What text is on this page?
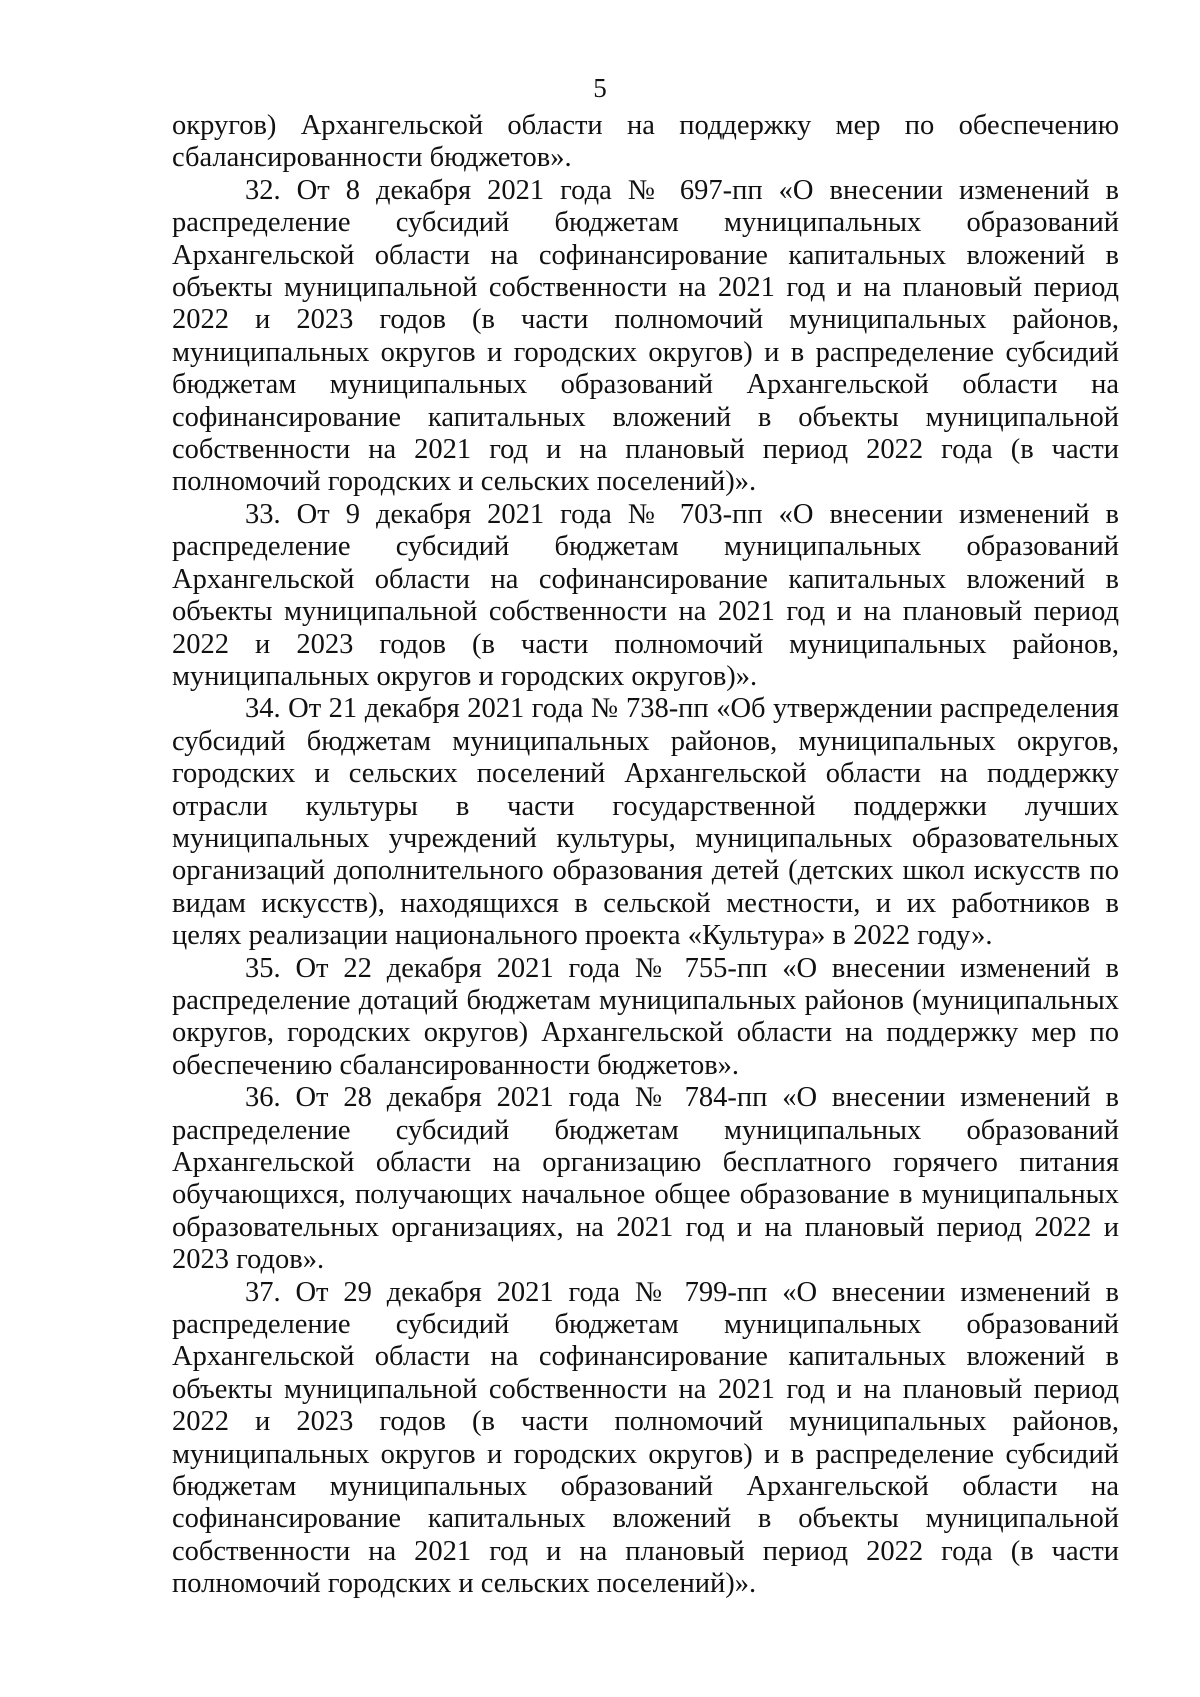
5

округов) Архангельской области на поддержку мер по обеспечению сбалансированности бюджетов».

32. От 8 декабря 2021 года № 697-пп «О внесении изменений в распределение субсидий бюджетам муниципальных образований Архангельской области на софинансирование капитальных вложений в объекты муниципальной собственности на 2021 год и на плановый период 2022 и 2023 годов (в части полномочий муниципальных районов, муниципальных округов и городских округов) и в распределение субсидий бюджетам муниципальных образований Архангельской области на софинансирование капитальных вложений в объекты муниципальной собственности на 2021 год и на плановый период 2022 года (в части полномочий городских и сельских поселений)».

33. От 9 декабря 2021 года № 703-пп «О внесении изменений в распределение субсидий бюджетам муниципальных образований Архангельской области на софинансирование капитальных вложений в объекты муниципальной собственности на 2021 год и на плановый период 2022 и 2023 годов (в части полномочий муниципальных районов, муниципальных округов и городских округов)».

34. От 21 декабря 2021 года № 738-пп «Об утверждении распределения субсидий бюджетам муниципальных районов, муниципальных округов, городских и сельских поселений Архангельской области на поддержку отрасли культуры в части государственной поддержки лучших муниципальных учреждений культуры, муниципальных образовательных организаций дополнительного образования детей (детских школ искусств по видам искусств), находящихся в сельской местности, и их работников в целях реализации национального проекта «Культура» в 2022 году».

35. От 22 декабря 2021 года № 755-пп «О внесении изменений в распределение дотаций бюджетам муниципальных районов (муниципальных округов, городских округов) Архангельской области на поддержку мер по обеспечению сбалансированности бюджетов».

36. От 28 декабря 2021 года № 784-пп «О внесении изменений в распределение субсидий бюджетам муниципальных образований Архангельской области на организацию бесплатного горячего питания обучающихся, получающих начальное общее образование в муниципальных образовательных организациях, на 2021 год и на плановый период 2022 и 2023 годов».

37. От 29 декабря 2021 года № 799-пп «О внесении изменений в распределение субсидий бюджетам муниципальных образований Архангельской области на софинансирование капитальных вложений в объекты муниципальной собственности на 2021 год и на плановый период 2022 и 2023 годов (в части полномочий муниципальных районов, муниципальных округов и городских округов) и в распределение субсидий бюджетам муниципальных образований Архангельской области на софинансирование капитальных вложений в объекты муниципальной собственности на 2021 год и на плановый период 2022 года (в части полномочий городских и сельских поселений)».
